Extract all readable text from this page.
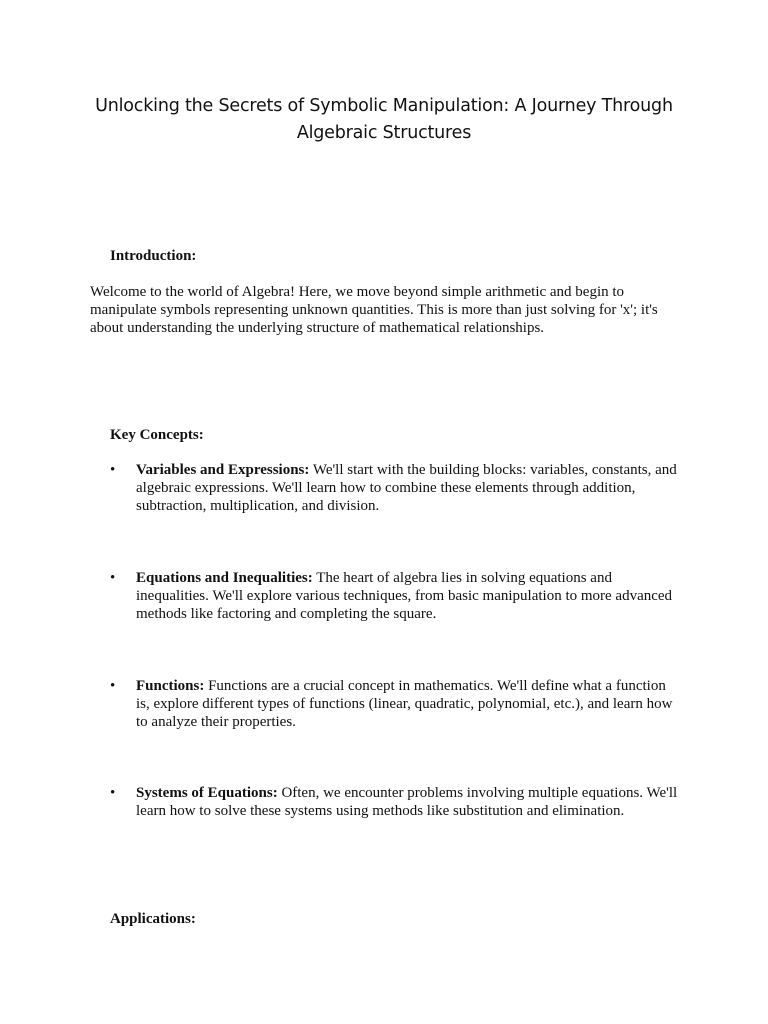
Unlocking the Secrets of Symbolic Manipulation: A Journey Through Algebraic Structures
Introduction:

Welcome to the world of Algebra! Here, we move beyond simple arithmetic and begin to manipulate symbols representing unknown quantities. This is more than just solving for 'x'; it's about understanding the underlying structure of mathematical relationships.

Key Concepts:
•	Variables and Expressions: We'll start with the building blocks: variables, constants, and algebraic expressions. We'll learn how to combine these elements through addition, subtraction, multiplication, and division.
•	Equations and Inequalities: The heart of algebra lies in solving equations and inequalities. We'll explore various techniques, from basic manipulation to more advanced methods like factoring and completing the square.
•	Functions: Functions are a crucial concept in mathematics. We'll define what a function is, explore different types of functions (linear, quadratic, polynomial, etc.), and learn how to analyze their properties.
•	Systems of Equations: Often, we encounter problems involving multiple equations. We'll learn how to solve these systems using methods like substitution and elimination.
Applications:
